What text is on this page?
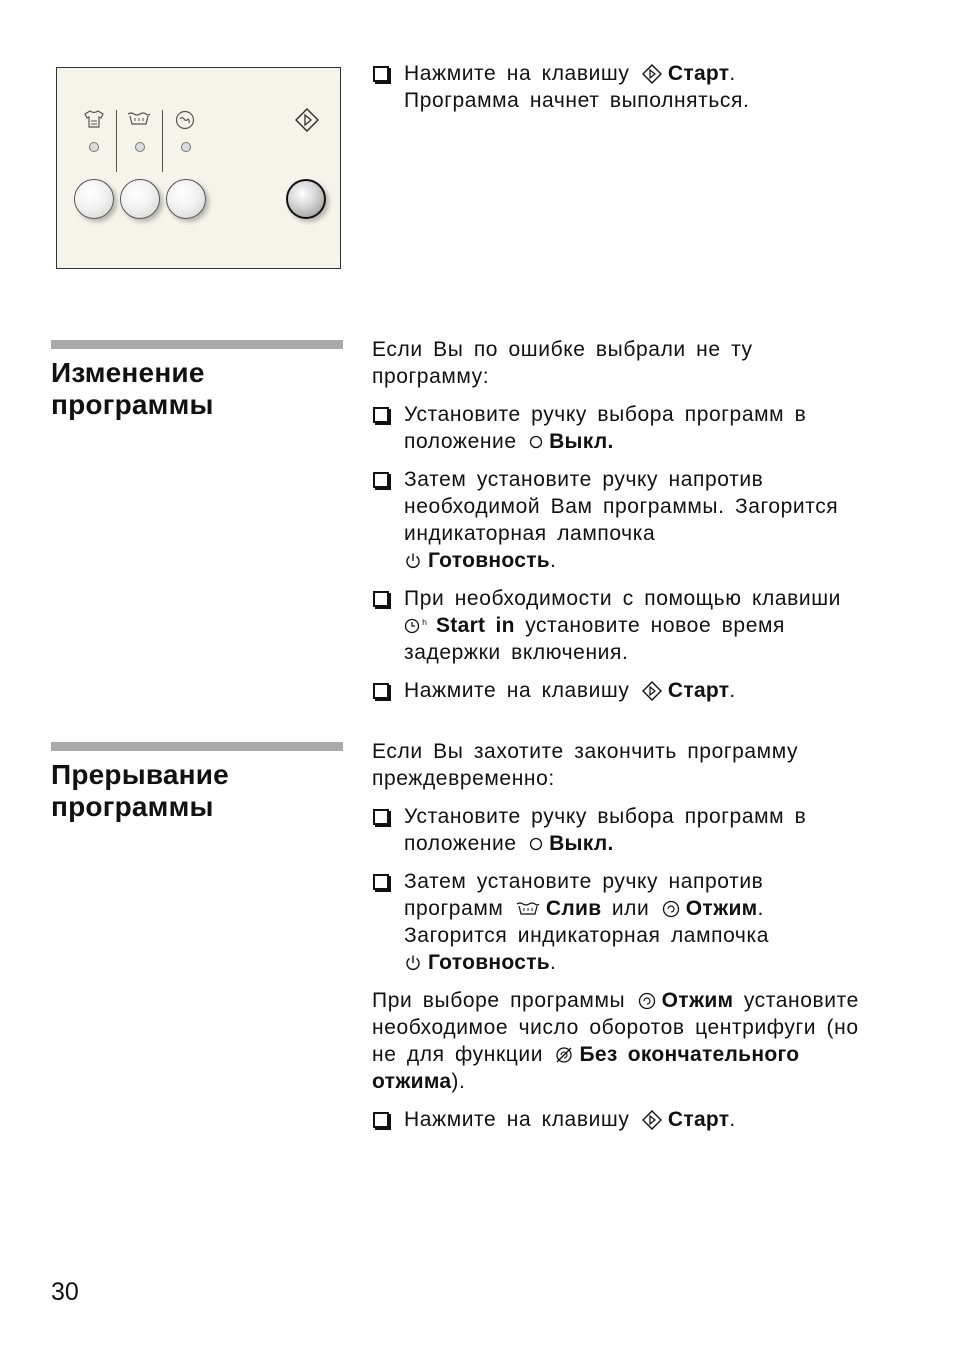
Нажмите на клавишу Старт.
Программа начнет выполняться.
Изменение
программы

Если Вы по ошибке выбрали не ту программу:

Установите ручку выбора программ в положение Выкл.
Затем установите ручку напротив необходимой Вам программы. Загорится индикаторная лампочка

Готовность.
При необходимости с помощью клавиши

h Start in установите новое время задержки включения.
Нажмите на клавишу Старт.
Прерывание
программы

Если Вы захотите закончить программу преждевременно:

Установите ручку выбора программ в положение Выкл.
Затем установите ручку напротив программ Слив или Отжим.
Загорится индикаторная лампочка

Готовность.

При выборе программы Отжим установите необходимое число оборотов центрифуги (но не для функции Без окончательного отжима).

Нажмите на клавишу Старт.

30
